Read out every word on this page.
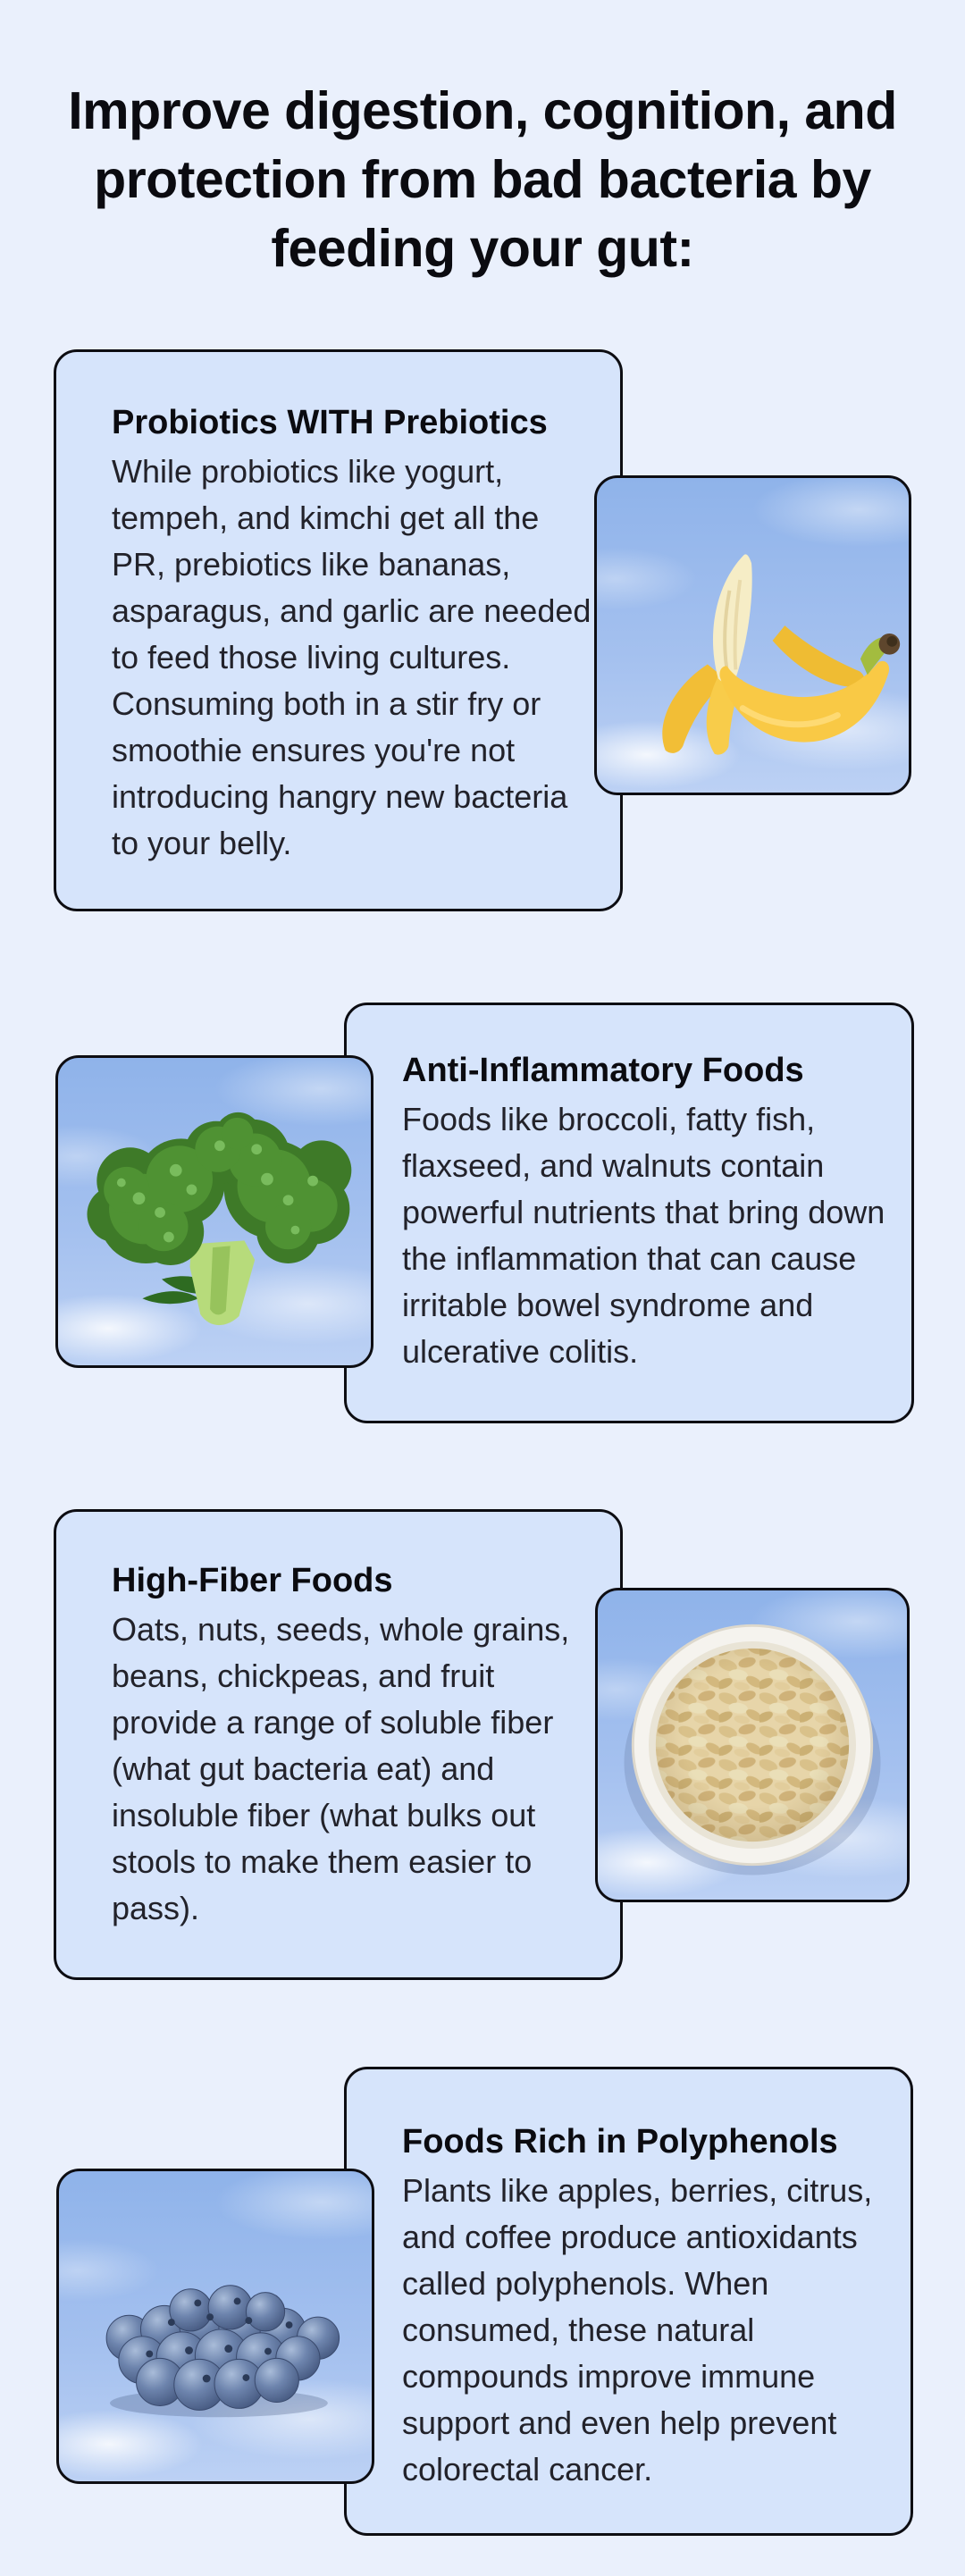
Improve digestion, cognition, and protection from bad bacteria by feeding your gut:
Probiotics WITH Prebiotics

While probiotics like yogurt, tempeh, and kimchi get all the PR, prebiotics like bananas, asparagus, and garlic are needed to feed those living cultures. Consuming both in a stir fry or smoothie ensures you're not introducing hangry new bacteria to your belly.

Anti-Inflammatory Foods

Foods like broccoli, fatty fish, flaxseed, and walnuts contain powerful nutrients that bring down the inflammation that can cause irritable bowel syndrome and ulcerative colitis.

High-Fiber Foods

Oats, nuts, seeds, whole grains, beans, chickpeas, and fruit provide a range of soluble fiber (what gut bacteria eat) and insoluble fiber (what bulks out stools to make them easier to pass).

Foods Rich in Polyphenols

Plants like apples, berries, citrus, and coffee produce antioxidants called polyphenols. When consumed, these natural compounds improve immune support and even help prevent colorectal cancer.
